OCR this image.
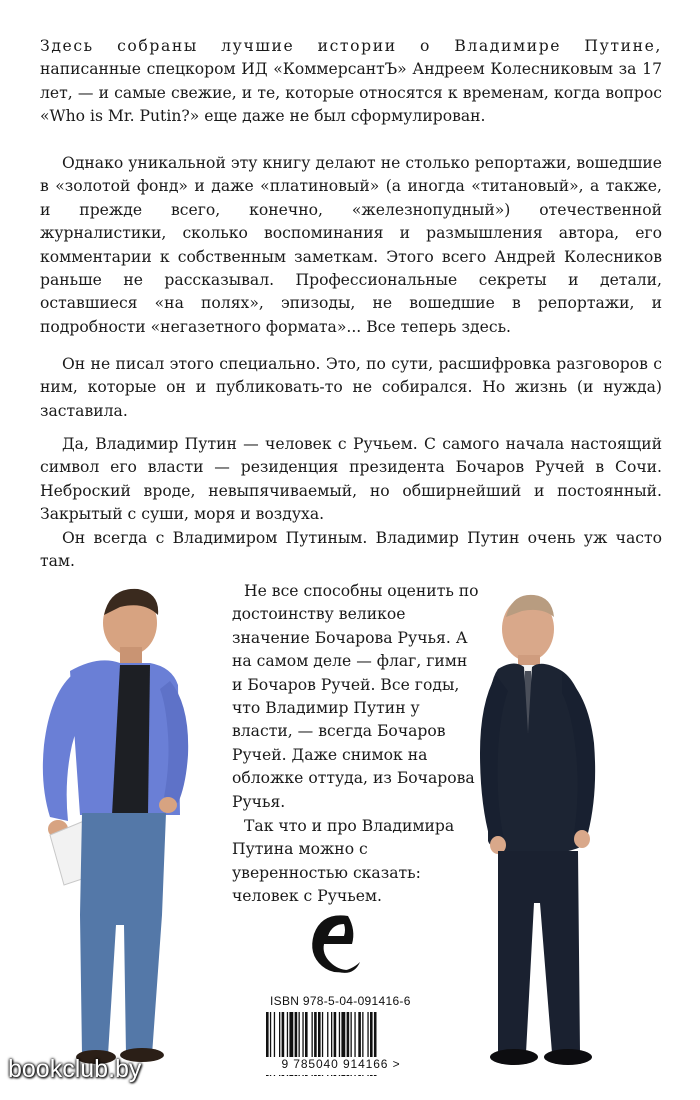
Здесь собраны лучшие истории о Владимире Путине, написанные спецкором ИД «КоммерсантЪ» Андреем Колесниковым за 17 лет, — и самые свежие, и те, которые относятся к временам, когда вопрос «Who is Mr. Putin?» еще даже не был сформулирован.

Однако уникальной эту книгу делают не столько репортажи, вошедшие в «золотой фонд» и даже «платиновый» (а иногда «титановый», а также, и прежде всего, конечно, «железнопудный») отечественной журналистики, сколько воспоминания и размышления автора, его комментарии к собственным заметкам. Этого всего Андрей Колесников раньше не рассказывал. Профессиональные секреты и детали, оставшиеся «на полях», эпизоды, не вошедшие в репортажи, и подробности «негазетного формата»... Все теперь здесь.

Он не писал этого специально. Это, по сути, расшифровка разговоров с ним, которые он и публиковать-то не собирался. Но жизнь (и нужда) заставила.

Да, Владимир Путин — человек с Ручьем. С самого начала настоящий символ его власти — резиденция президента Бочаров Ручей в Сочи. Неброский вроде, невыпячиваемый, но обширнейший и постоянный. Закрытый с суши, моря и воздуха.

Он всегда с Владимиром Путиным. Владимир Путин очень уж часто там.

Не все способны оценить по достоинству великое значение Бочарова Ручья. А на самом деле — флаг, гимн и Бочаров Ручей. Все годы, что Владимир Путин у власти, — всегда Бочаров Ручей. Даже снимок на обложке оттуда, из Бочарова Ручья.

Так что и про Владимира Путина можно с уверенностью сказать: человек с Ручьем.

ISBN 978-5-04-091416-6
9 785040 914166 >
bookclub.by
